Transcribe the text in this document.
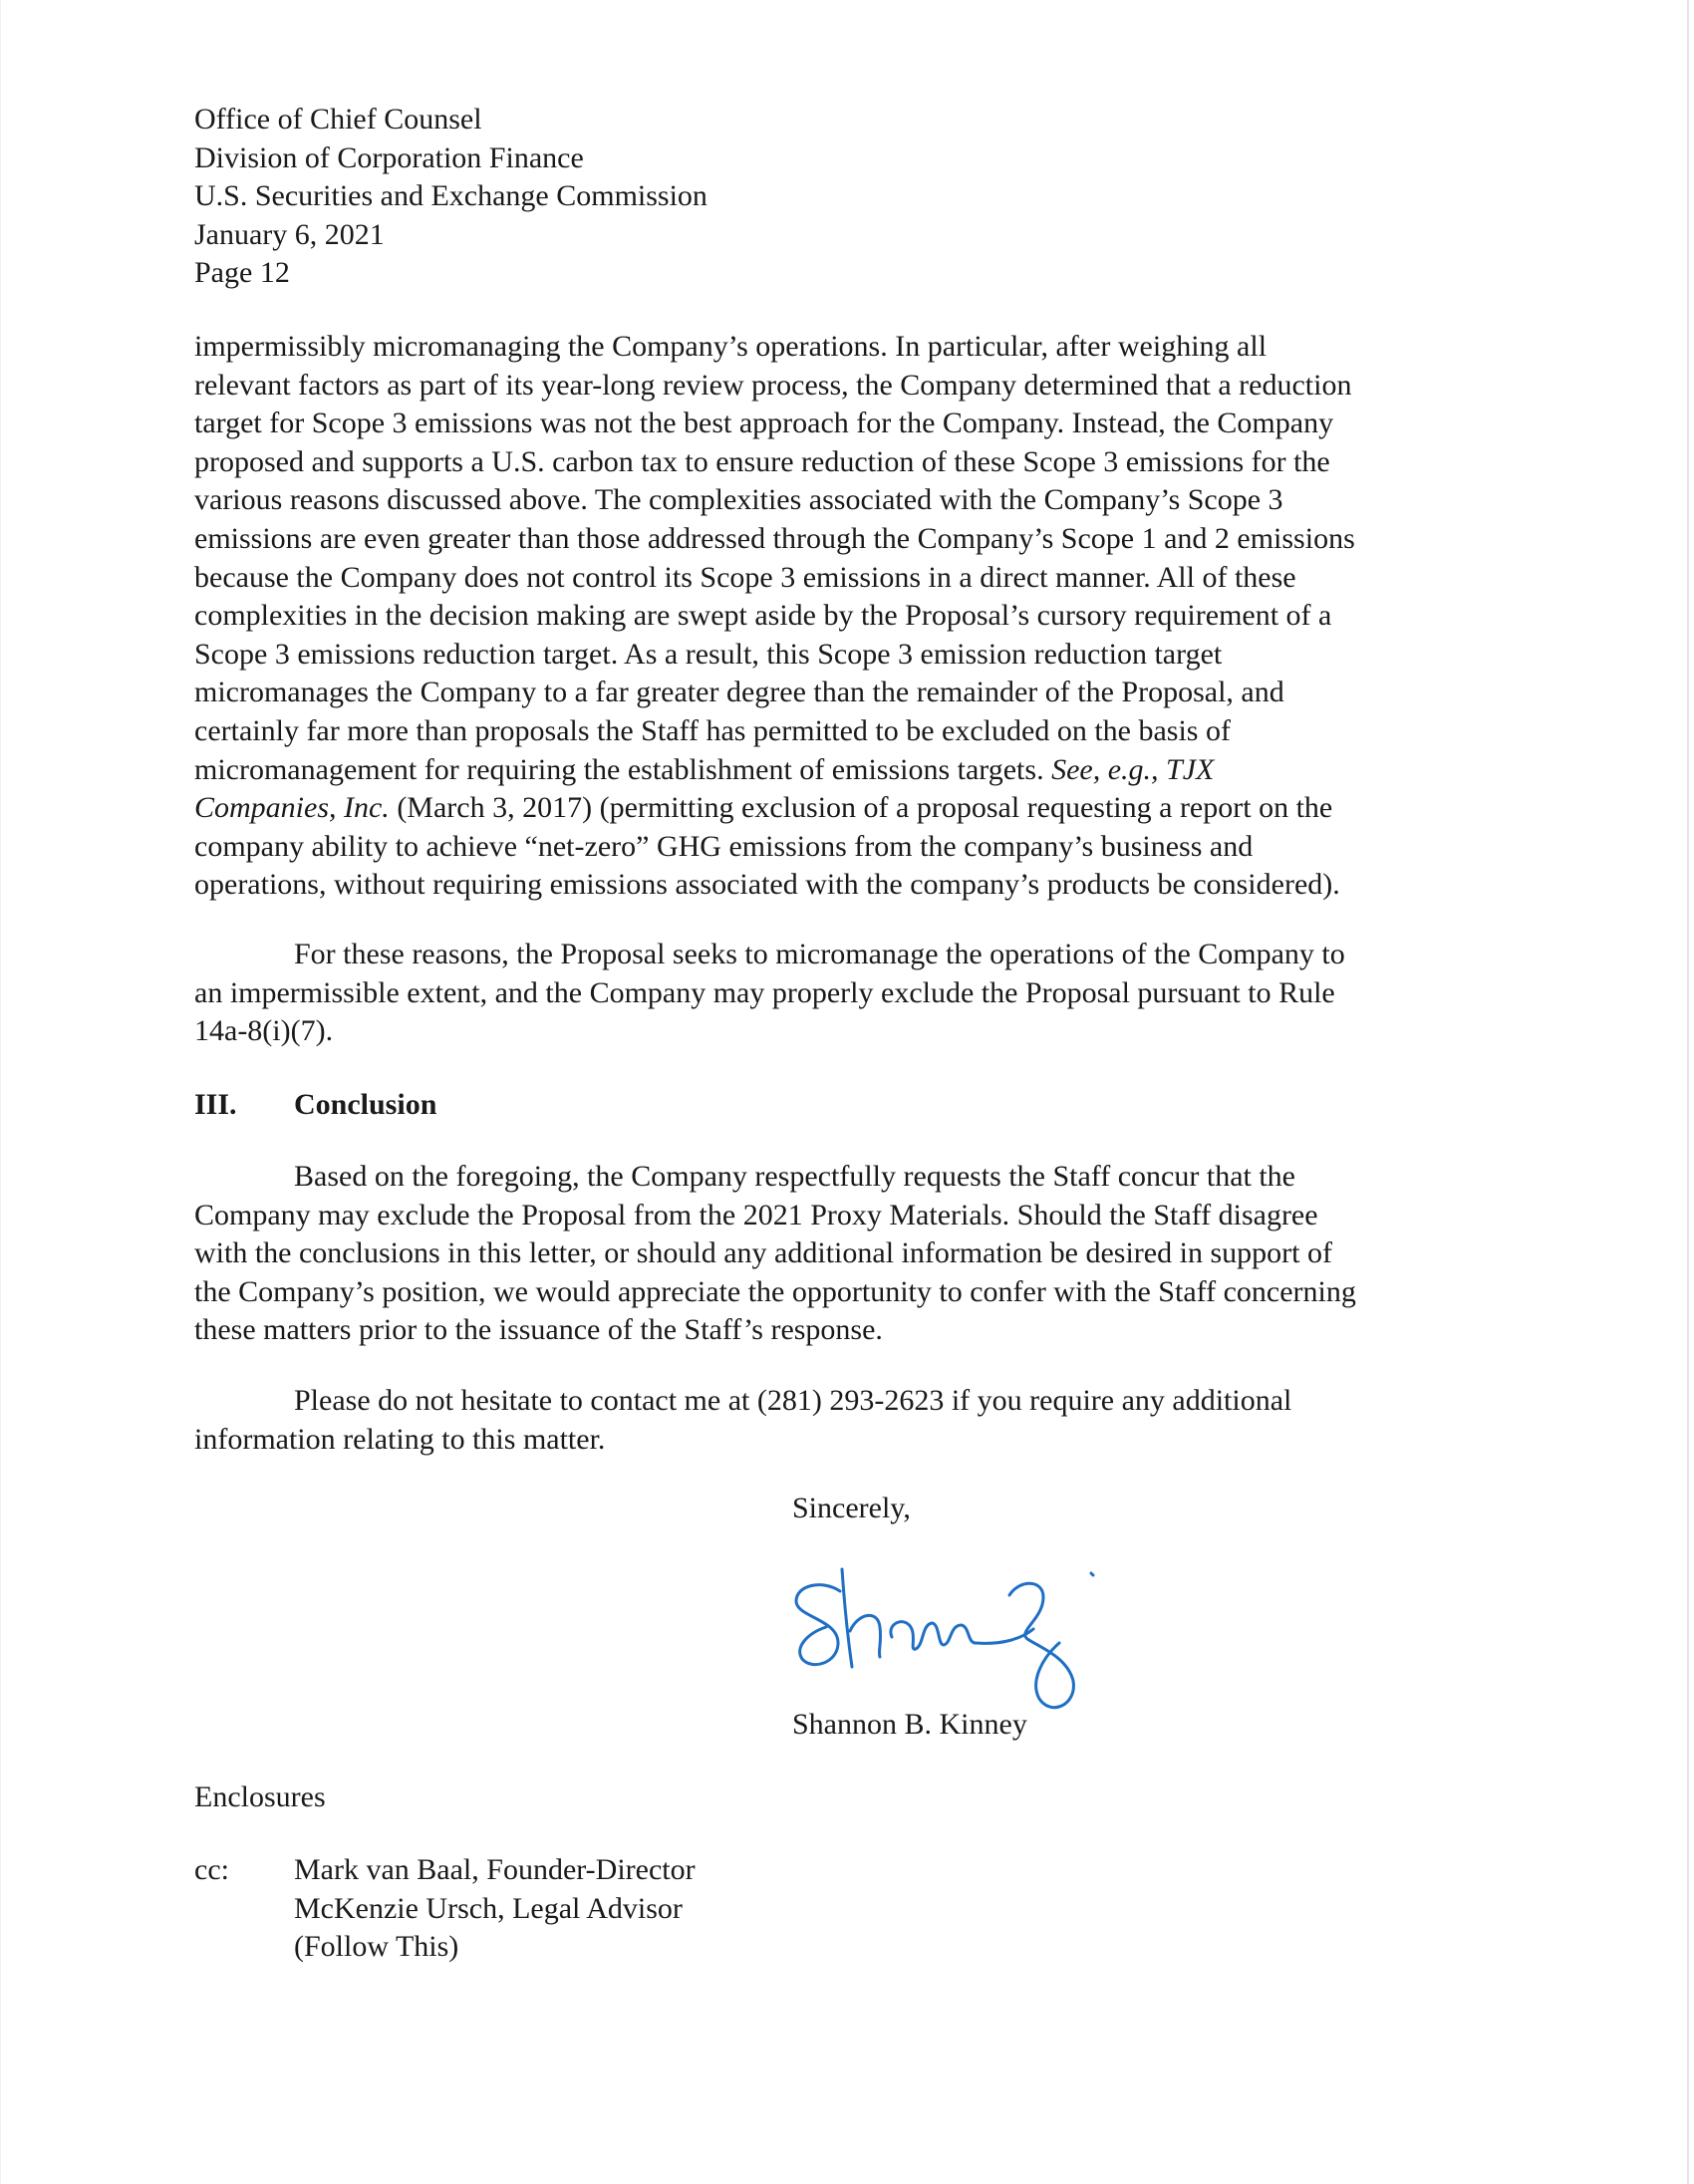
Office of Chief Counsel
Division of Corporation Finance
U.S. Securities and Exchange Commission
January 6, 2021
Page 12
impermissibly micromanaging the Company’s operations. In particular, after weighing all
relevant factors as part of its year-long review process, the Company determined that a reduction
target for Scope 3 emissions was not the best approach for the Company. Instead, the Company
proposed and supports a U.S. carbon tax to ensure reduction of these Scope 3 emissions for the
various reasons discussed above. The complexities associated with the Company’s Scope 3
emissions are even greater than those addressed through the Company’s Scope 1 and 2 emissions
because the Company does not control its Scope 3 emissions in a direct manner. All of these
complexities in the decision making are swept aside by the Proposal’s cursory requirement of a
Scope 3 emissions reduction target. As a result, this Scope 3 emission reduction target
micromanages the Company to a far greater degree than the remainder of the Proposal, and
certainly far more than proposals the Staff has permitted to be excluded on the basis of
micromanagement for requiring the establishment of emissions targets. See, e.g., TJX
Companies, Inc. (March 3, 2017) (permitting exclusion of a proposal requesting a report on the
company ability to achieve “net-zero” GHG emissions from the company’s business and
operations, without requiring emissions associated with the company’s products be considered).
For these reasons, the Proposal seeks to micromanage the operations of the Company to
an impermissible extent, and the Company may properly exclude the Proposal pursuant to Rule
14a-8(i)(7).
III. Conclusion
Based on the foregoing, the Company respectfully requests the Staff concur that the
Company may exclude the Proposal from the 2021 Proxy Materials. Should the Staff disagree
with the conclusions in this letter, or should any additional information be desired in support of
the Company’s position, we would appreciate the opportunity to confer with the Staff concerning
these matters prior to the issuance of the Staff’s response.
Please do not hesitate to contact me at (281) 293-2623 if you require any additional
information relating to this matter.
Sincerely,
Shannon B. Kinney
Enclosures
cc: Mark van Baal, Founder-Director
McKenzie Ursch, Legal Advisor
(Follow This)
